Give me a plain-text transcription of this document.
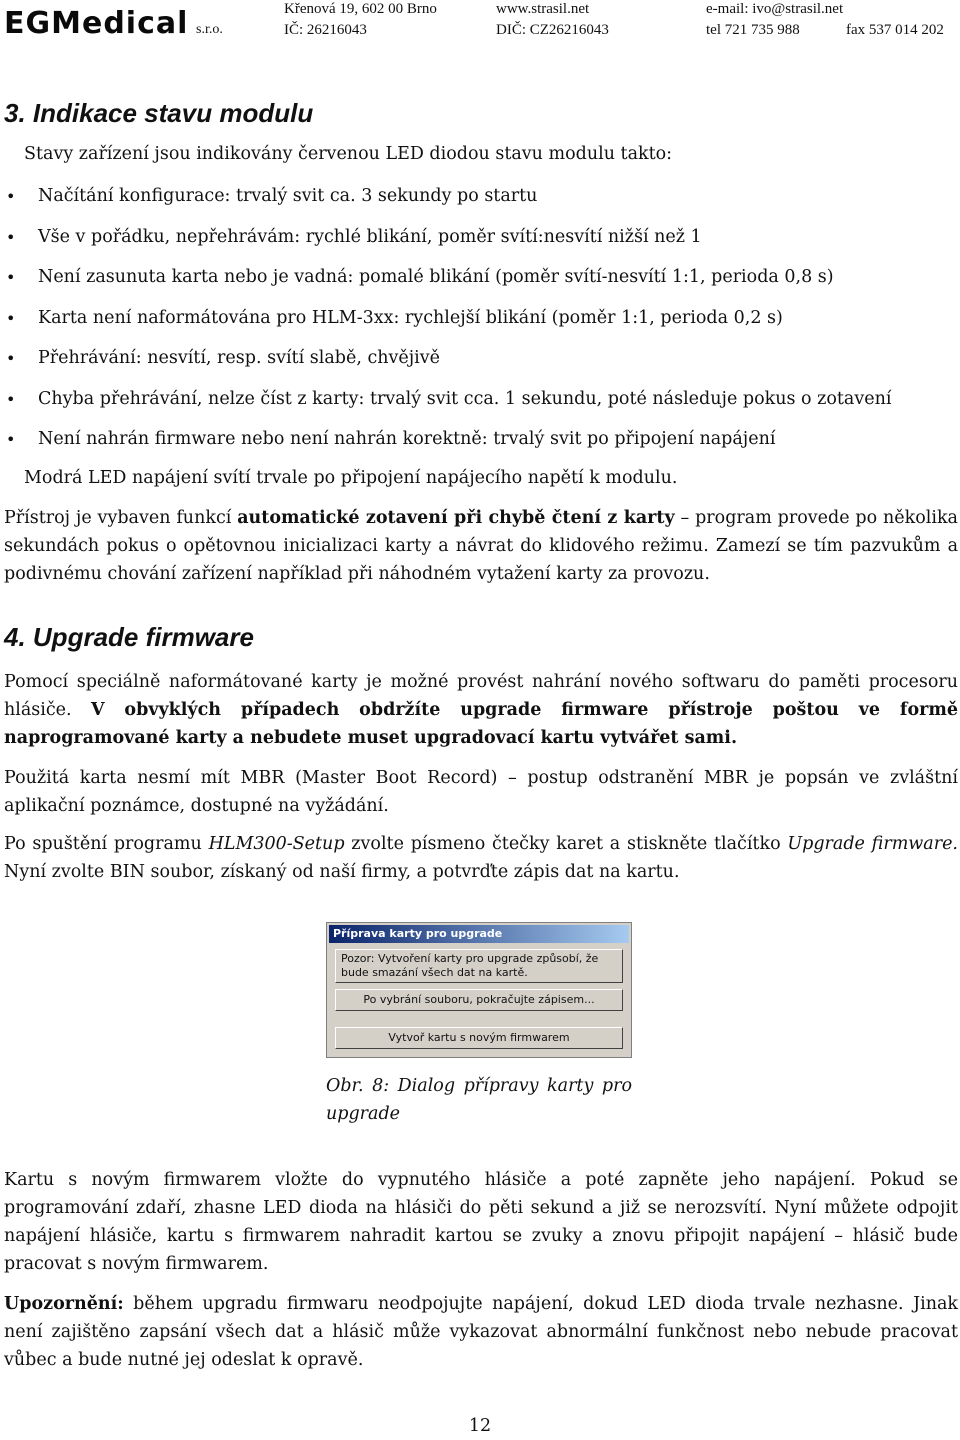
EGMedical s.r.o.
Křenová 19, 602 00 Brno
IČ: 26216043
www.strasil.net
DIČ: CZ26216043
e-mail: ivo@strasil.net
tel 721 735 988	fax 537 014 202
3. Indikace stavu modulu
Stavy zařízení jsou indikovány červenou LED diodou stavu modulu takto:
• Načítání konfigurace: trvalý svit ca. 3 sekundy po startu
• Vše v pořádku, nepřehrávám: rychlé blikání, poměr svítí:nesvítí nižší než 1
• Není zasunuta karta nebo je vadná: pomalé blikání (poměr svítí-nesvítí 1:1, perioda 0,8 s)
• Karta není naformátována pro HLM-3xx: rychlejší blikání (poměr 1:1, perioda 0,2 s)
• Přehrávání: nesvítí, resp. svítí slabě, chvějivě
• Chyba přehrávání, nelze číst z karty: trvalý svit cca. 1 sekundu, poté následuje pokus o zotavení
• Není nahrán firmware nebo není nahrán korektně: trvalý svit po připojení napájení
Modrá LED napájení svítí trvale po připojení napájecího napětí k modulu.

Přístroj je vybaven funkcí automatické zotavení při chybě čtení z karty – program provede po několika sekundách pokus o opětovnou inicializaci karty a návrat do klidového režimu. Zamezí se tím pazvukům a podivnému chování zařízení například při náhodném vytažení karty za provozu.

4. Upgrade firmware

Pomocí speciálně naformátované karty je možné provést nahrání nového softwaru do paměti procesoru hlásiče. V obvyklých případech obdržíte upgrade firmware přístroje poštou ve formě naprogramované karty a nebudete muset upgradovací kartu vytvářet sami.

Použitá karta nesmí mít MBR (Master Boot Record) – postup odstranění MBR je popsán ve zvláštní aplikační poznámce, dostupné na vyžádání.

Po spuštění programu HLM300-Setup zvolte písmeno čtečky karet a stiskněte tlačítko Upgrade firmware. Nyní zvolte BIN soubor, získaný od naší firmy, a potvrďte zápis dat na kartu.

Příprava karty pro upgrade
Pozor: Vytvoření karty pro upgrade způsobí, že bude smazání všech dat na kartě.
Po vybrání souboru, pokračujte zápisem...
Vytvoř kartu s novým firmwarem
Obr. 8: Dialog přípravy karty pro upgrade

Kartu s novým firmwarem vložte do vypnutého hlásiče a poté zapněte jeho napájení. Pokud se programování zdaří, zhasne LED dioda na hlásiči do pěti sekund a již se nerozsvítí. Nyní můžete odpojit napájení hlásiče, kartu s firmwarem nahradit kartou se zvuky a znovu připojit napájení – hlásič bude pracovat s novým firmwarem.

Upozornění: během upgradu firmwaru neodpojujte napájení, dokud LED dioda trvale nezhasne. Jinak není zajištěno zapsání všech dat a hlásič může vykazovat abnormální funkčnost nebo nebude pracovat vůbec a bude nutné jej odeslat k opravě.

12
